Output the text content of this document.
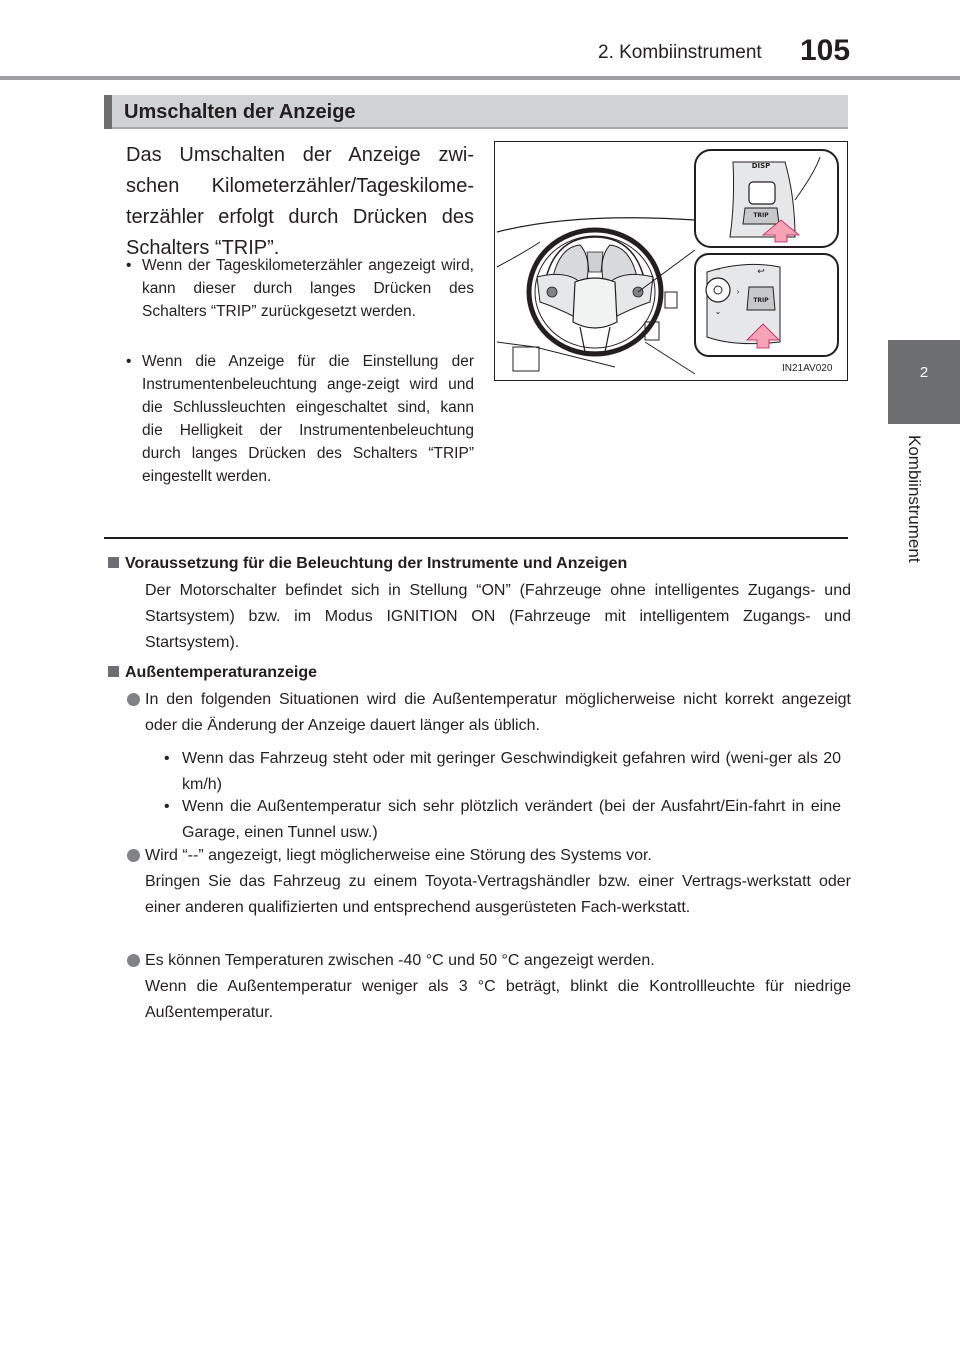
2. Kombiinstrument 105
2
Kombiinstrument
Umschalten der Anzeige
Das Umschalten der Anzeige zwi-schen Kilometerzähler/Tageskilome-terzähler erfolgt durch Drücken des Schalters “TRIP”.
• Wenn der Tageskilometerzähler angezeigt wird, kann dieser durch langes Drücken des Schalters “TRIP” zurückgesetzt werden.
• Wenn die Anzeige für die Einstellung der Instrumentenbeleuchtung ange-zeigt wird und die Schlussleuchten eingeschaltet sind, kann die Helligkeit der Instrumentenbeleuchtung durch langes Drücken des Schalters “TRIP” eingestellt werden.
DISP
TRIP
⌃
⌄
›
↩
TRIP
IN21AV020
Voraussetzung für die Beleuchtung der Instrumente und Anzeigen
Der Motorschalter befindet sich in Stellung “ON” (Fahrzeuge ohne intelligentes Zugangs- und Startsystem) bzw. im Modus IGNITION ON (Fahrzeuge mit intelligentem Zugangs- und Startsystem).
Außentemperaturanzeige
In den folgenden Situationen wird die Außentemperatur möglicherweise nicht korrekt angezeigt oder die Änderung der Anzeige dauert länger als üblich.
• Wenn das Fahrzeug steht oder mit geringer Geschwindigkeit gefahren wird (weni-ger als 20 km/h)
• Wenn die Außentemperatur sich sehr plötzlich verändert (bei der Ausfahrt/Ein-fahrt in eine Garage, einen Tunnel usw.)
Wird “--” angezeigt, liegt möglicherweise eine Störung des Systems vor.
Bringen Sie das Fahrzeug zu einem Toyota-Vertragshändler bzw. einer Vertrags-werkstatt oder einer anderen qualifizierten und entsprechend ausgerüsteten Fach-werkstatt.
Es können Temperaturen zwischen -40 °C und 50 °C angezeigt werden.
Wenn die Außentemperatur weniger als 3 °C beträgt, blinkt die Kontrollleuchte für niedrige Außentemperatur.
